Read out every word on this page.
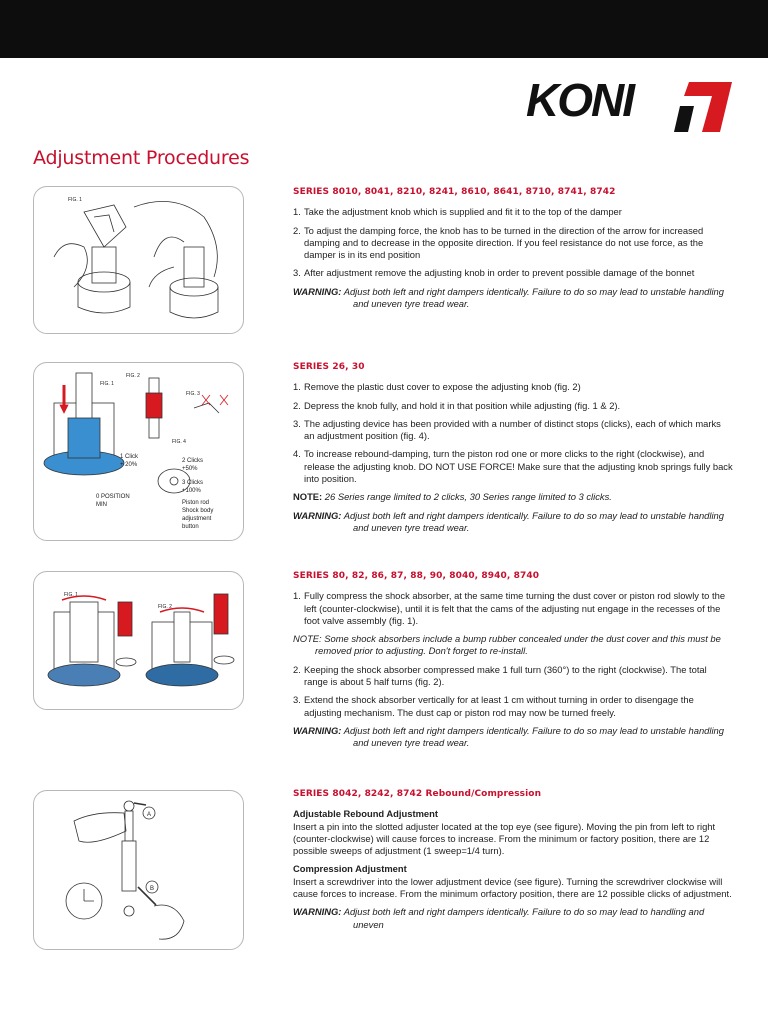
KONI
Adjustment Procedures
FIG. 1
SERIES 8010, 8041, 8210, 8241, 8610, 8641, 8710, 8741, 8742
1. Take the adjustment knob which is supplied and fit it to the top of the damper
2. To adjust the damping force, the knob has to be turned in the direction of the arrow for increased damping and to decrease in the opposite direction. If you feel resistance do not use force, as the damper is in its end position
3. After adjustment remove the adjusting knob in order to prevent possible damage of the bonnet
WARNING: Adjust both left and right dampers identically. Failure to do so may lead to unstable handling and uneven tyre tread wear.
FIG. 2
FIG. 1
FIG. 3
FIG. 4
1 Click
+ 20%
2 Clicks
+50%
3 Clicks
+100%
0 POSITION
MIN	Piston rod
Shock body
adjustment
button
SERIES 26, 30
1. Remove the plastic dust cover to expose the adjusting knob (fig. 2)
2. Depress the knob fully, and hold it in that position while adjusting (fig. 1 & 2).
3. The adjusting device has been provided with a number of distinct stops (clicks), each of which marks an adjustment position (fig. 4).
4. To increase rebound-damping, turn the piston rod one or more clicks to the right (clockwise), and release the adjusting knob. DO NOT USE FORCE! Make sure that the adjusting knob springs fully back into position.
NOTE: 26 Series range limited to 2 clicks, 30 Series range limited to 3 clicks.
WARNING: Adjust both left and right dampers identically. Failure to do so may lead to unstable handling and uneven tyre tread wear.
FIG. 1
FIG. 2
SERIES 80, 82, 86, 87, 88, 90, 8040, 8940, 8740
1. Fully compress the shock absorber, at the same time turning the dust cover or piston rod slowly to the left (counter-clockwise), until it is felt that the cams of the adjusting nut engage in the recesses of the foot valve assembly (fig. 1).
NOTE: Some shock absorbers include a bump rubber concealed under the dust cover and this must be removed prior to adjusting. Don't forget to re-install.
2. Keeping the shock absorber compressed make 1 full turn (360°) to the right (clockwise). The total range is about 5 half turns (fig. 2).
3. Extend the shock absorber vertically for at least 1 cm without turning in order to disengage the adjusting mechanism. The dust cap or piston rod may now be turned freely.
WARNING: Adjust both left and right dampers identically. Failure to do so may lead to unstable handling and uneven tyre tread wear.
A
B
SERIES 8042, 8242, 8742 Rebound/Compression
Adjustable Rebound Adjustment
Insert a pin into the slotted adjuster located at the top eye (see figure). Moving the pin from left to right (counter-clockwise) will cause forces to increase. From the minimum or factory position, there are 12 possible sweeps of adjustment (1 sweep=1/4 turn).
Compression Adjustment
Insert a screwdriver into the lower adjustment device (see figure). Turning the screwdriver clockwise will cause forces to increase. From the minimum orfactory position, there are 12 possible clicks of adjustment.
WARNING: Adjust both left and right dampers identically. Failure to do so may lead to handling and uneven
